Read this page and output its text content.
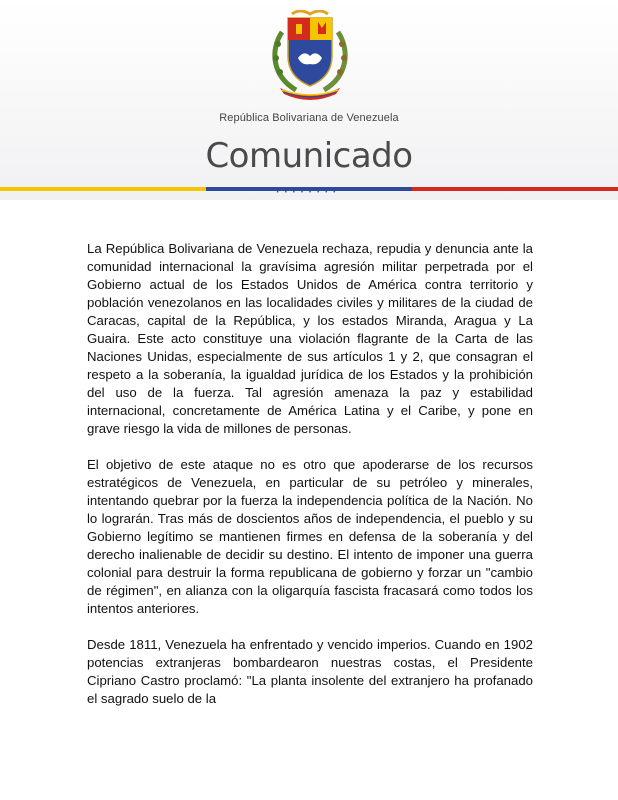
República Bolivariana de Venezuela
Comunicado
••••••••

La República Bolivariana de Venezuela rechaza, repudia y denuncia ante la comunidad internacional la gravísima agresión militar perpetrada por el Gobierno actual de los Estados Unidos de América contra territorio y población venezolanos en las localidades civiles y militares de la ciudad de Caracas, capital de la República, y los estados Miranda, Aragua y La Guaira. Este acto constituye una violación flagrante de la Carta de las Naciones Unidas, especialmente de sus artículos 1 y 2, que consagran el respeto a la soberanía, la igualdad jurídica de los Estados y la prohibición del uso de la fuerza. Tal agresión amenaza la paz y estabilidad internacional, concretamente de América Latina y el Caribe, y pone en grave riesgo la vida de millones de personas.

El objetivo de este ataque no es otro que apoderarse de los recursos estratégicos de Venezuela, en particular de su petróleo y minerales, intentando quebrar por la fuerza la independencia política de la Nación. No lo lograrán. Tras más de doscientos años de independencia, el pueblo y su Gobierno legítimo se mantienen firmes en defensa de la soberanía y del derecho inalienable de decidir su destino. El intento de imponer una guerra colonial para destruir la forma republicana de gobierno y forzar un "cambio de régimen", en alianza con la oligarquía fascista fracasará como todos los intentos anteriores.

Desde 1811, Venezuela ha enfrentado y vencido imperios. Cuando en 1902 potencias extranjeras bombardearon nuestras costas, el Presidente Cipriano Castro proclamó: "La planta insolente del extranjero ha profanado el sagrado suelo de la
